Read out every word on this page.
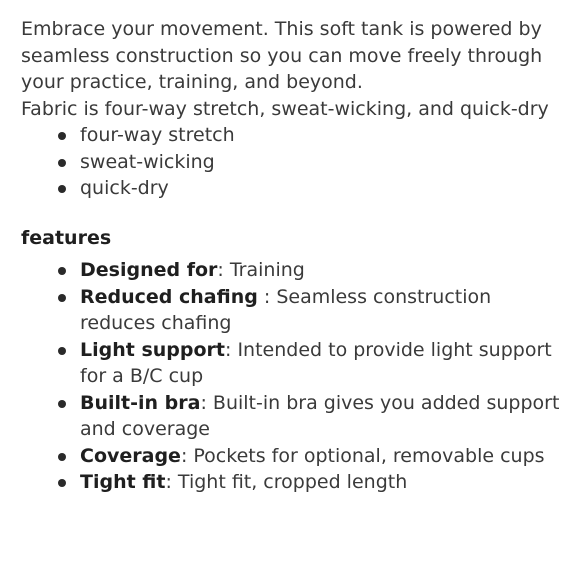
Embrace your movement. This soft tank is powered by seamless construction so you can move freely through your practice, training, and beyond.

Fabric is four-way stretch, sweat-wicking, and quick-dry

four-way stretch
sweat-wicking
quick-dry

features

Designed for: Training
Reduced chafing : Seamless construction reduces chafing
Light support: Intended to provide light support for a B/C cup
Built-in bra: Built-in bra gives you added support and coverage
Coverage: Pockets for optional, removable cups
Tight fit: Tight fit, cropped length
